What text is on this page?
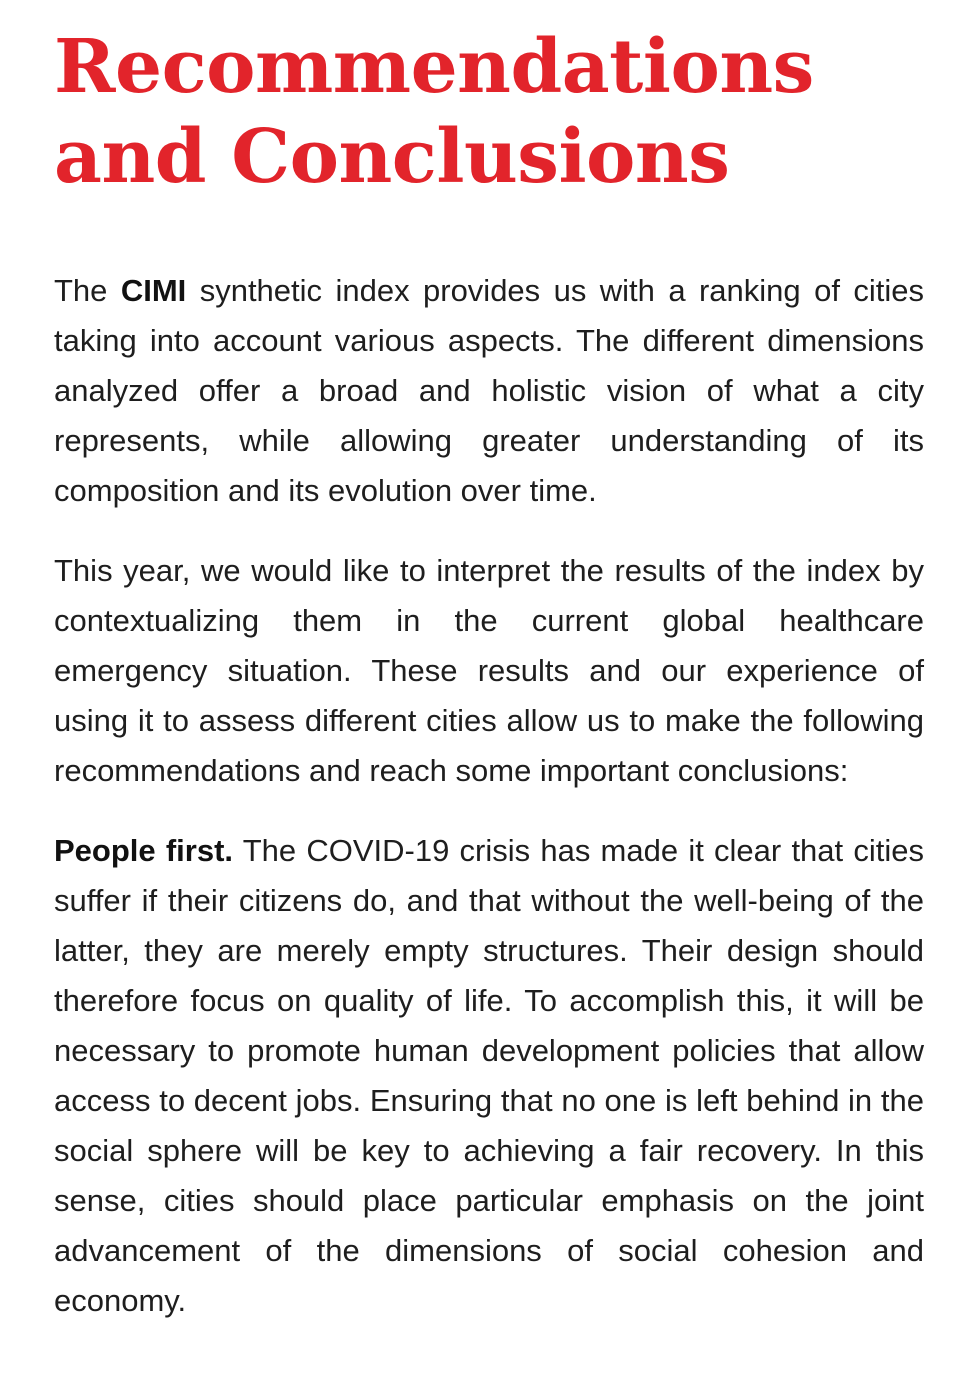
Recommendations
and Conclusions

The CIMI synthetic index provides us with a ranking of cities taking into account various aspects. The different dimensions analyzed offer a broad and holistic vision of what a city represents, while allowing greater understanding of its composition and its evolution over time.

This year, we would like to interpret the results of the index by contextualizing them in the current global healthcare emergency situation. These results and our experience of using it to assess different cities allow us to make the following recommendations and reach some important conclusions:

People first. The COVID-19 crisis has made it clear that cities suffer if their citizens do, and that without the well-being of the latter, they are merely empty structures. Their design should therefore focus on quality of life. To accomplish this, it will be necessary to promote human development policies that allow access to decent jobs. Ensuring that no one is left behind in the social sphere will be key to achieving a fair recovery. In this sense, cities should place particular emphasis on the joint advancement of the dimensions of social cohesion and economy.
